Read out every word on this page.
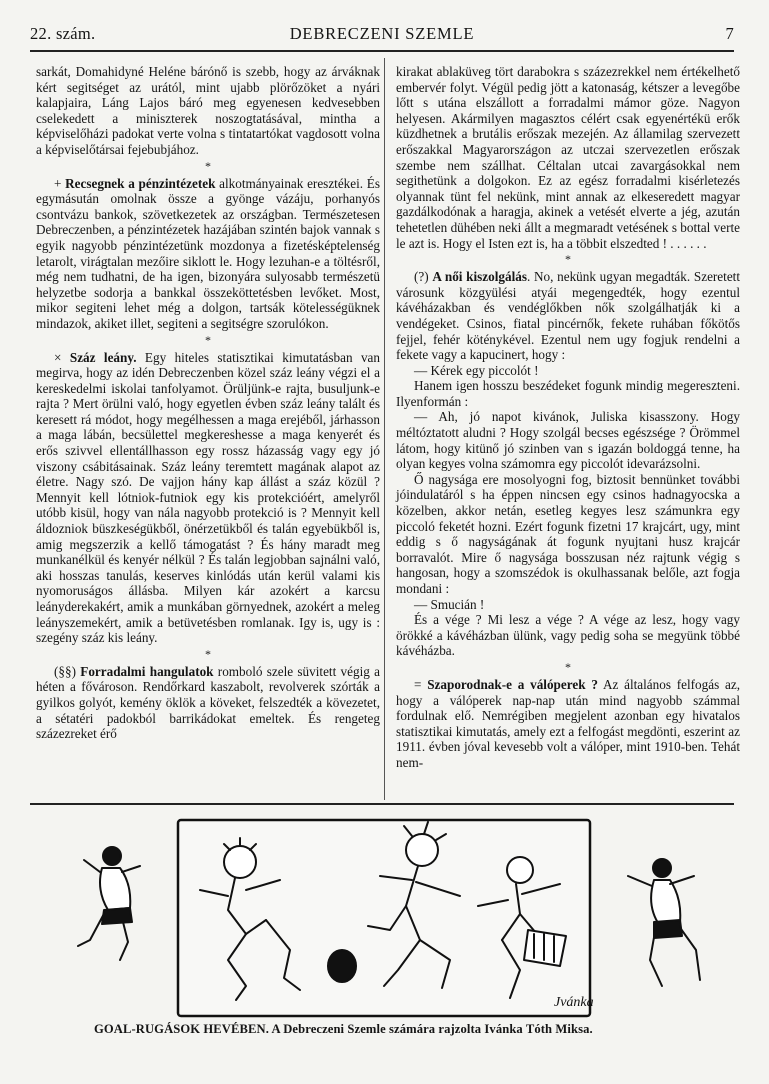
22. szám.	DEBRECZENI SZEMLE	7

sarkát, Domahidyné Heléne bárónő is szebb, hogy az árváknak kért segitséget az urától, mint ujabb plörőzöket a nyári kalapjaira, Láng Lajos báró meg egyenesen kedvesebben cselekedett a miniszterek noszogtatásával, mintha a képviselőházi padokat verte volna s tintatartókat vagdosott volna a képviselőtársai fejebubjához.

*

+ Recsegnek a pénzintézetek alkotmányainak eresztékei. És egymásután omolnak össze a gyönge vázáju, porhanyós csontvázu bankok, szövetkezetek az országban. Természetesen Debreczenben, a pénzintézetek hazájában szintén bajok vannak s egyik nagyobb pénzintézetünk mozdonya a fizetésképtelenség letarolt, virágtalan mezőire siklott le. Hogy lezuhan-e a töltésről, még nem tudhatni, de ha igen, bizonyára sulyosabb természetü helyzetbe sodorja a bankkal összeköttetésben levőket. Most, mikor segiteni lehet még a dolgon, tartsák kötelességüknek mindazok, akiket illet, segiteni a segitségre szorulókon.

*

× Száz leány. Egy hiteles statisztikai kimutatásban van megirva, hogy az idén Debreczenben közel száz leány végzi el a kereskedelmi iskolai tanfolyamot. Örüljünk-e rajta, busuljunk-e rajta ? Mert örülni való, hogy egyetlen évben száz leány talált és keresett rá módot, hogy megélhessen a maga erejéből, járhasson a maga lábán, becsülettel megkereshesse a maga kenyerét és erős szivvel ellentállhasson egy rossz házasság vagy egy jó viszony csábitásainak. Száz leány teremtett magának alapot az életre. Nagy szó. De vajjon hány kap állást a száz közül ? Mennyit kell lótniok-futniok egy kis protekcióért, amelyről utóbb kisül, hogy van nála nagyobb protekció is ? Mennyit kell áldozniok büszkeségükből, önérzetükből és talán egyebükből is, amig megszerzik a kellő támogatást ? És hány maradt meg munkanélkül és kenyér nélkül ? És talán legjobban sajnálni való, aki hosszas tanulás, keserves kinlódás után kerül valami kis nyomoruságos állásba. Milyen kár azokért a karcsu leányderekakért, amik a munkában görnyednek, azokért a meleg leányszemekért, amik a betüvetésben romlanak. Igy is, ugy is : szegény száz kis leány.

*

(§§) Forradalmi hangulatok romboló szele süvitett végig a héten a fővároson. Rendőrkard kaszabolt, revolverek szórták a gyilkos golyót, kemény öklök a köveket, felszedték a kövezetet, a sétatéri padokból barrikádokat emeltek. És rengeteg százezreket érő

kirakat ablaküveg tört darabokra s százezrekkel nem értékelhető embervér folyt. Végül pedig jött a katonaság, kétszer a levegőbe lőtt s utána elszállott a forradalmi mámor göze. Nagyon helyesen. Akármilyen magasztos célért csak egyenértékü erők küzdhetnek a brutális erőszak mezején. Az államilag szervezett erőszakkal Magyarországon az utczai szervezetlen erőszak szembe nem szállhat. Céltalan utcai zavargásokkal nem segithetünk a dolgokon. Ez az egész forradalmi kisérletezés olyannak tünt fel nekünk, mint annak az elkeseredett magyar gazdálkodónak a haragja, akinek a vetését elverte a jég, azután tehetetlen dühében neki állt a megmaradt vetésének s bottal verte le azt is. Hogy el Isten ezt is, ha a többit elszedted ! . . . . . .

*

(?) A női kiszolgálás. No, nekünk ugyan megadták. Szeretett városunk közgyülési atyái megengedték, hogy ezentul kávéházakban és vendéglőkben nők szolgálhatják ki a vendégeket. Csinos, fiatal pincérnők, fekete ruhában főkötős fejjel, fehér köténykével. Ezentul nem ugy fogjuk rendelni a fekete vagy a kapucinert, hogy :

— Kérek egy piccolót !

Hanem igen hosszu beszédeket fogunk mindig megereszteni. Ilyenformán :

— Ah, jó napot kivánok, Juliska kisasszony. Hogy méltóztatott aludni ? Hogy szolgál becses egészsége ? Örömmel látom, hogy kitünő jó szinben van s igazán boldoggá tenne, ha olyan kegyes volna számomra egy piccolót idevarázsolni.

Ő nagysága ere mosolyogni fog, biztosit bennünket további jóindulatáról s ha éppen nincsen egy csinos hadnagyocska a közelben, akkor netán, esetleg kegyes lesz számunkra egy piccoló feketét hozni. Ezért fogunk fizetni 17 krajcárt, ugy, mint eddig s ő nagyságának át fogunk nyujtani husz krajcár borravalót. Mire ő nagysága bosszusan néz rajtunk végig s hangosan, hogy a szomszédok is okulhassanak belőle, azt fogja mondani :

— Smucián !

És a vége ? Mi lesz a vége ? A vége az lesz, hogy vagy örökké a kávéházban ülünk, vagy pedig soha se megyünk többé kávéházba.

*

= Szaporodnak-e a válóperek ? Az általános felfogás az, hogy a válóperek nap-nap után mind nagyobb számmal fordulnak elő. Nemrégiben megjelent azonban egy hivatalos statisztikai kimutatás, amely ezt a felfogást megdönti, eszerint az 1911. évben jóval kevesebb volt a válóper, mint 1910-ben. Tehát nem-

Jvánka
GOAL-RUGÁSOK HEVÉBEN. A Debreczeni Szemle számára rajzolta Ivánka Tóth Miksa.
